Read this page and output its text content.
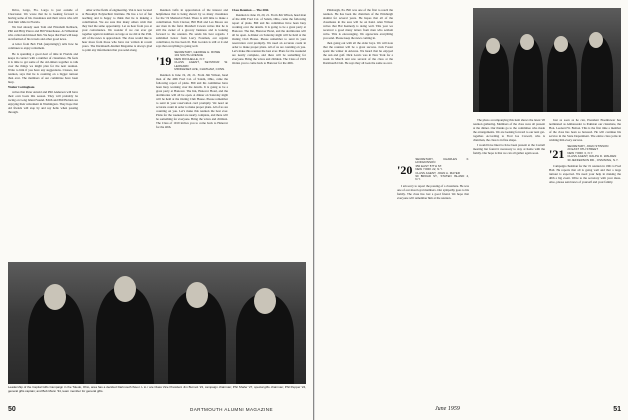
Drive, Largo, Fla. Largo is just outside of Clearwater. We wrote that he is looking forward to having some of his classmates and their wives who will visit him while in Florida.

We had already seen Tom and Elizabeth Rebbeck, Phil and Bitty Pierce and Bill Waterhouse. Al Silberman who called and missed him. We hope that Paul will keep us informed of his travels and other good news.

A letter from Bob Fish (surprisingly) tells how he continues to enjoy retirement.

He is spending a good deal of time in Florida and keeps in contact with a number of classmates. He feels it is time to get some of the old-timers together to talk over the things we might plan for the next reunion. Write to him if you have any suggestions. Classes, last reunion, says that he is counting on a bigger turnout than ever. The members of our committee have been busy.

Walter Cottingham

writes that Peter Arnold and Phil Anderson will have their own boats this season. They will probably be racing on Long Island Sound. Edith and Phil Holden are enjoying their retirement in Washington. They hope that old friends will stop by and say hello when passing through.

other active fields of engineering. Van is now located at Brooklyn Polytechnic Institute. He has a lot of fun teaching and is happy to think that he is making a contribution. We are sure that many others wish that they had the same opportunity. Let us hear from you at your convenience. We wonder if we can ever get together again in numbers as large as we did at the 25th. All of the news is appreciated. The class would like to hear more from those who have not written in recent years. The Dartmouth Alumni Magazine is always glad to print any information that you send along.

Reunion Gifts in appreciation of the interest and helpfulness that is being shown by so many classmates for the '19 Memorial Fund. There is still time to make a contribution. Tom Cleaver, Bill Hall and Les Moore are our men in the field. Marshall Cowan writes that he is still the owner of a grocery business and is looking forward to the reunion. He sends his best regards. I submitted below from Larry Foreman, our regular contributor, he has been ill. Bob Gordon is still at it and says that everything is going well.

'19
SECRETARY, GEORGE H. ROWE
101 SOUTH AVENUE
NEW ROCHELLE, N.Y.
CLASS AGENT, SEYMOUR W. LEONARD
MIDDLESEX AVE, CHATHAM, CONN.

Reunion is June 19, 20, 21. From Jim Wilson, head man of the 40th Fred Col. of Salem, Ohio, came the following report of plans. Bill and his committee have been busy working over the details. It is going to be a great party at Hanover. The Inn, Hanover Hotel, and the dormitories will all be open. A dinner on Saturday night will be held at the Outing Club House. Please remember to send in your reservation card promptly. We need an accurate count in order to make proper plans. All of us are counting on you. Let's make this reunion the best ever. Plans for the weekend are nearly complete, and there will be something for everyone. Bring the wives and children. The Class of 1919 invites you to come back to Hanover for the 40th.

Class Reunion — The 40th

Reunion is June 19, 20, 21. From Jim Wilson, head man of the 40th Fred Col. of Salem, Ohio, came the following report of plans. Bill and his committee have been busy working over the details. It is going to be a great party at Hanover. The Inn, Hanover Hotel, and the dormitories will all be open. A dinner on Saturday night will be held at the Outing Club House. Please remember to send in your reservation card promptly. We need an accurate count in order to make proper plans. All of us are counting on you. Let's make this reunion the best ever. Plans for the weekend are nearly complete, and there will be something for everyone. Bring the wives and children. The Class of 1919 invites you to come back to Hanover for the 40th.

Leadership of the Capital Gifts Campaign in the Toledo, Ohio, area has a decided Dartmouth flavor. L to r are Class Vice President Jim Burnett '23, campaign chairman; Phil Shafer '27, special gifts chairman; Phil Pepper '24, general gifts captain; and Bob Mann '34, team member for general gifts.
50	DARTMOUTH ALUMNI MAGAZINE

Pittsburgh, Pa. Bill was one of the first to reach the reunion. He has been the chairman of the Pittsburgh alumni for several years. He hopes that all of the classmates in the area will be on hand. Alan Wilson writes that Hal Kennedy is doing well. This year we received a good many letters from men who seldom write. This is encouraging. We appreciate everything you send. Please keep the news coming in.

then going out with all the older boys. We will note that the reunion will be a great success. Jack Foster spent the winter in Arizona. We heard that he enjoyed the sun and golf. Dick Lewis was in New York for a week in March and saw several of the class at the Dartmouth Club. He says they all look the same as ever.

'20
SECRETARY, CHARLES F. HODGKINSON
350 EAST 57TH ST.
NEW YORK 22, N.Y.
CLASS AGENT, JOHN A. MAYER
90 BROAD ST., STATEN ISLAND 4, N.Y.

I am sorry to report the passing of a classmate. He was one of our most loyal members. Our sympathy goes to his family. The class has lost a good friend. We hope that everyone will remember him at the reunion.

The photo accompanying this item shows the latest '20 reunion gathering. Members of the class were all present at the dinner. Our thanks go to the committee who made the arrangements. We are looking forward to our next get-together. According to Fred Joe Crowell, who is chairman, the class is in fine shape.

I would have liked to have been present at the Cornell meeting but found it necessary to stay at home with the family. Our hope is that we can all gather again soon.

Just as soon as he can, President Eisenhower has nominated as Ambassador to Pakistan our classmate, the Hon. Leonard W. Bolton. This is the first time a member of the class has been so honored. He will continue his service in the State Department. The entire class joins in wishing him every success.

'21
SECRETARY, JOHN STINSON
20 EAST 9TH STREET
NEW YORK 3, N.Y.
CLASS AGENT, RALPH D. WALDEN
30 JEFFERSON RD., OSSINING, N.Y.

Campaign chairman for the '21 reunion in 1961 is Fred Hall. He reports that all is going well and that a large turnout is expected. We need your help in making the 40th a big event. Write to the secretary with your ideas. Also, please send news of yourself and your family.

June 1959	51
